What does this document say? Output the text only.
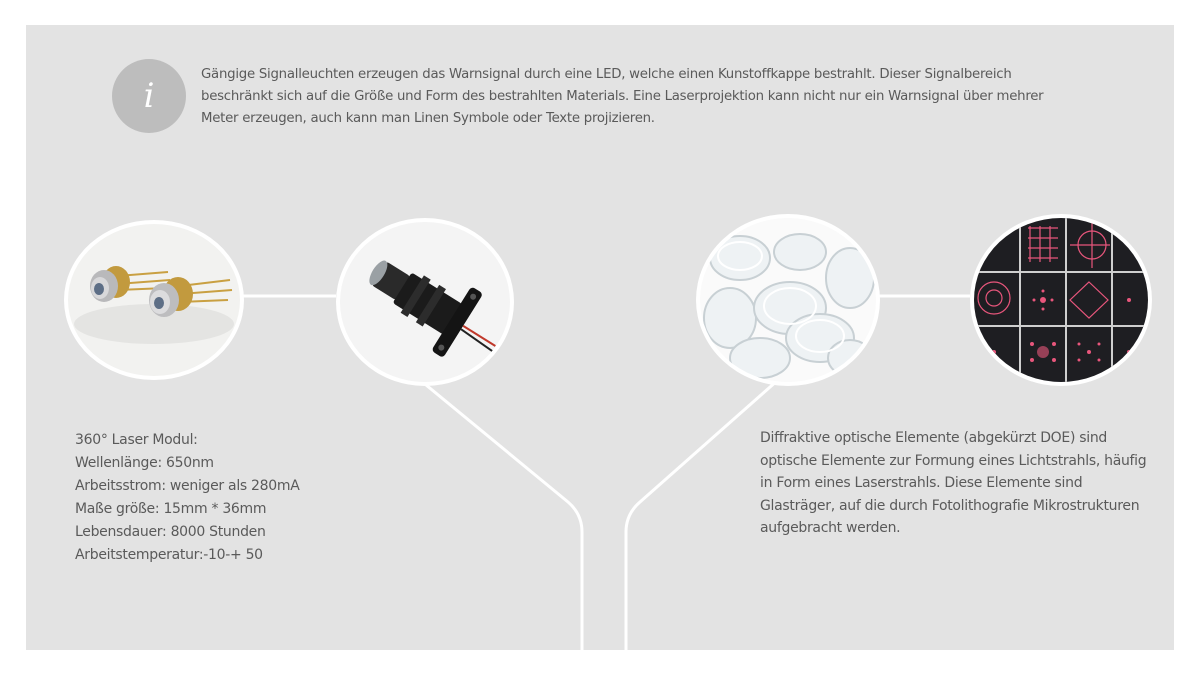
i
Gängige Signalleuchten erzeugen das Warnsignal durch eine LED, welche einen Kunstoffkappe bestrahlt. Dieser Signalbereich beschränkt sich auf die Größe und Form des bestrahlten Materials. Eine Laserprojektion kann nicht nur ein Warnsignal über mehrer Meter erzeugen, auch kann man Linen Symbole oder Texte projizieren.
360° Laser Modul:
Wellenlänge: 650nm
Arbeitsstrom: weniger als 280mA
Maße größe: 15mm * 36mm
Lebensdauer: 8000 Stunden
Arbeitstemperatur:-10-+ 50
Diffraktive optische Elemente (abgekürzt DOE) sind optische Elemente zur Formung eines Lichtstrahls, häufig in Form eines Laserstrahls. Diese Elemente sind Glasträger, auf die durch Fotolithografie Mikrostrukturen aufgebracht werden.
